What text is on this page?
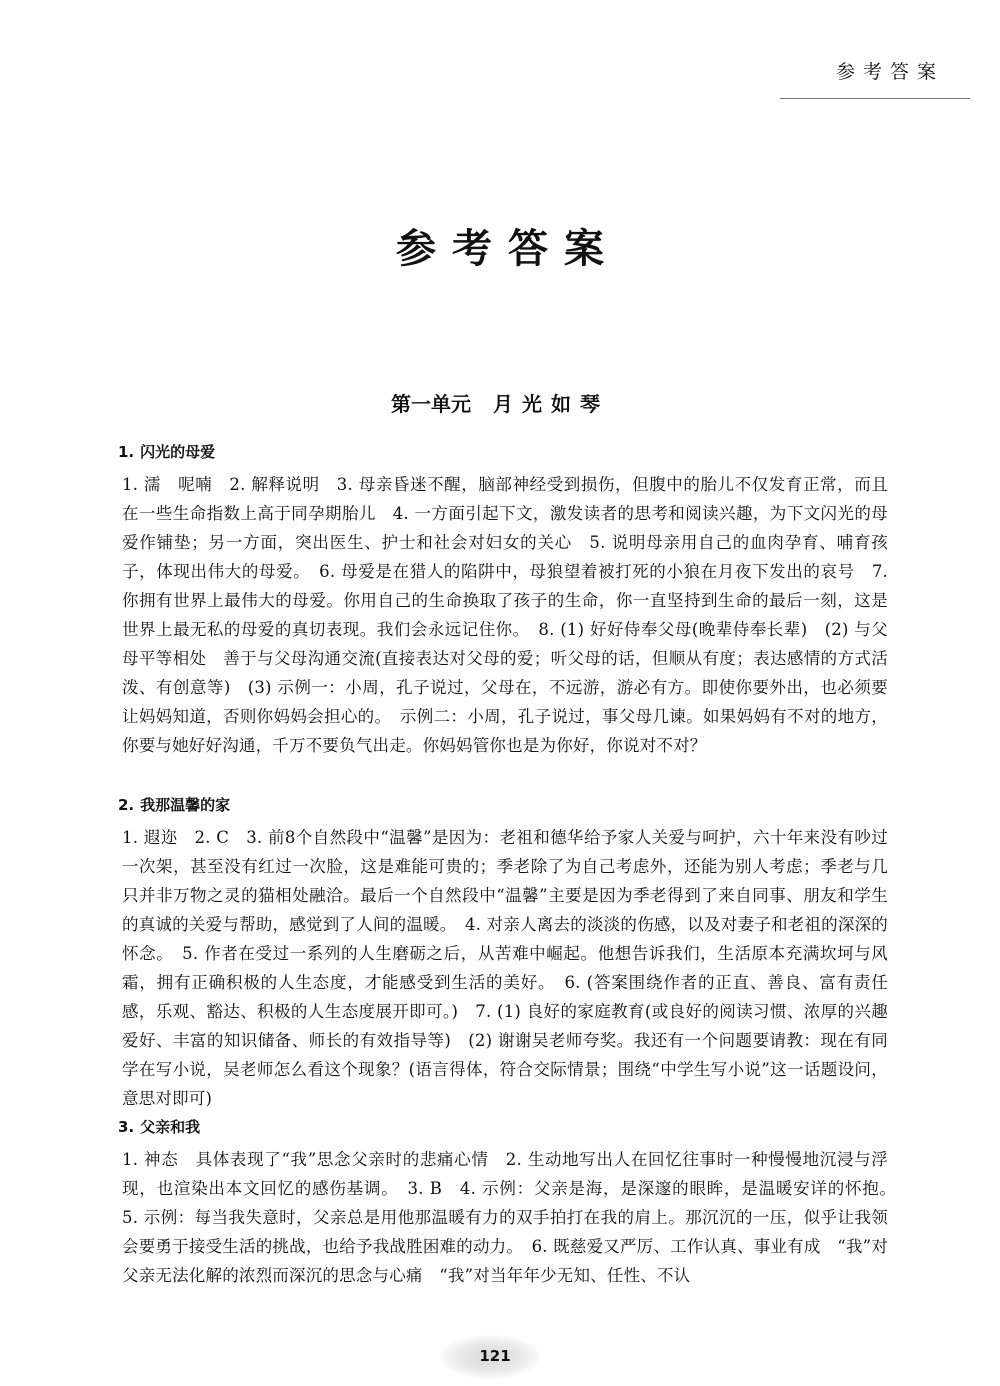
参考答案
参考答案
第一单元 月光如琴
1. 闪光的母爱

1. 濡　呢喃　2. 解释说明　3. 母亲昏迷不醒，脑部神经受到损伤，但腹中的胎儿不仅发育正常，而且在一些生命指数上高于同孕期胎儿　4. 一方面引起下文，激发读者的思考和阅读兴趣，为下文闪光的母爱作铺垫；另一方面，突出医生、护士和社会对妇女的关心　5. 说明母亲用自己的血肉孕育、哺育孩子，体现出伟大的母爱。　6. 母爱是在猎人的陷阱中，母狼望着被打死的小狼在月夜下发出的哀号　7. 你拥有世界上最伟大的母爱。你用自己的生命换取了孩子的生命，你一直坚持到生命的最后一刻，这是世界上最无私的母爱的真切表现。我们会永远记住你。　8. (1) 好好侍奉父母(晚辈侍奉长辈)　(2) 与父母平等相处　善于与父母沟通交流(直接表达对父母的爱；听父母的话，但顺从有度；表达感情的方式活泼、有创意等)　(3) 示例一：小周，孔子说过，父母在，不远游，游必有方。即使你要外出，也必须要让妈妈知道，否则你妈妈会担心的。　示例二：小周，孔子说过，事父母几谏。如果妈妈有不对的地方，你要与她好好沟通，千万不要负气出走。你妈妈管你也是为你好，你说对不对？

2. 我那温馨的家

1. 遐迩　2. C　3. 前8个自然段中“温馨”是因为：老祖和德华给予家人关爱与呵护，六十年来没有吵过一次架，甚至没有红过一次脸，这是难能可贵的；季老除了为自己考虑外，还能为别人考虑；季老与几只并非万物之灵的猫相处融洽。最后一个自然段中“温馨”主要是因为季老得到了来自同事、朋友和学生的真诚的关爱与帮助，感觉到了人间的温暖。　4. 对亲人离去的淡淡的伤感，以及对妻子和老祖的深深的怀念。　5. 作者在受过一系列的人生磨砺之后，从苦难中崛起。他想告诉我们，生活原本充满坎坷与风霜，拥有正确积极的人生态度，才能感受到生活的美好。　6. (答案围绕作者的正直、善良、富有责任感，乐观、豁达、积极的人生态度展开即可。)　7. (1) 良好的家庭教育(或良好的阅读习惯、浓厚的兴趣爱好、丰富的知识储备、师长的有效指导等)　(2) 谢谢吴老师夸奖。我还有一个问题要请教：现在有同学在写小说，吴老师怎么看这个现象？(语言得体，符合交际情景；围绕“中学生写小说”这一话题设问，意思对即可)

3. 父亲和我

1. 神态　具体表现了“我”思念父亲时的悲痛心情　2. 生动地写出人在回忆往事时一种慢慢地沉浸与浮现，也渲染出本文回忆的感伤基调。　3. B　4. 示例：父亲是海，是深邃的眼眸，是温暖安详的怀抱。　5. 示例：每当我失意时，父亲总是用他那温暖有力的双手拍打在我的肩上。那沉沉的一压，似乎让我领会要勇于接受生活的挑战，也给予我战胜困难的动力。　6. 既慈爱又严厉、工作认真、事业有成　“我”对父亲无法化解的浓烈而深沉的思念与心痛　“我”对当年年少无知、任性、不认

121
